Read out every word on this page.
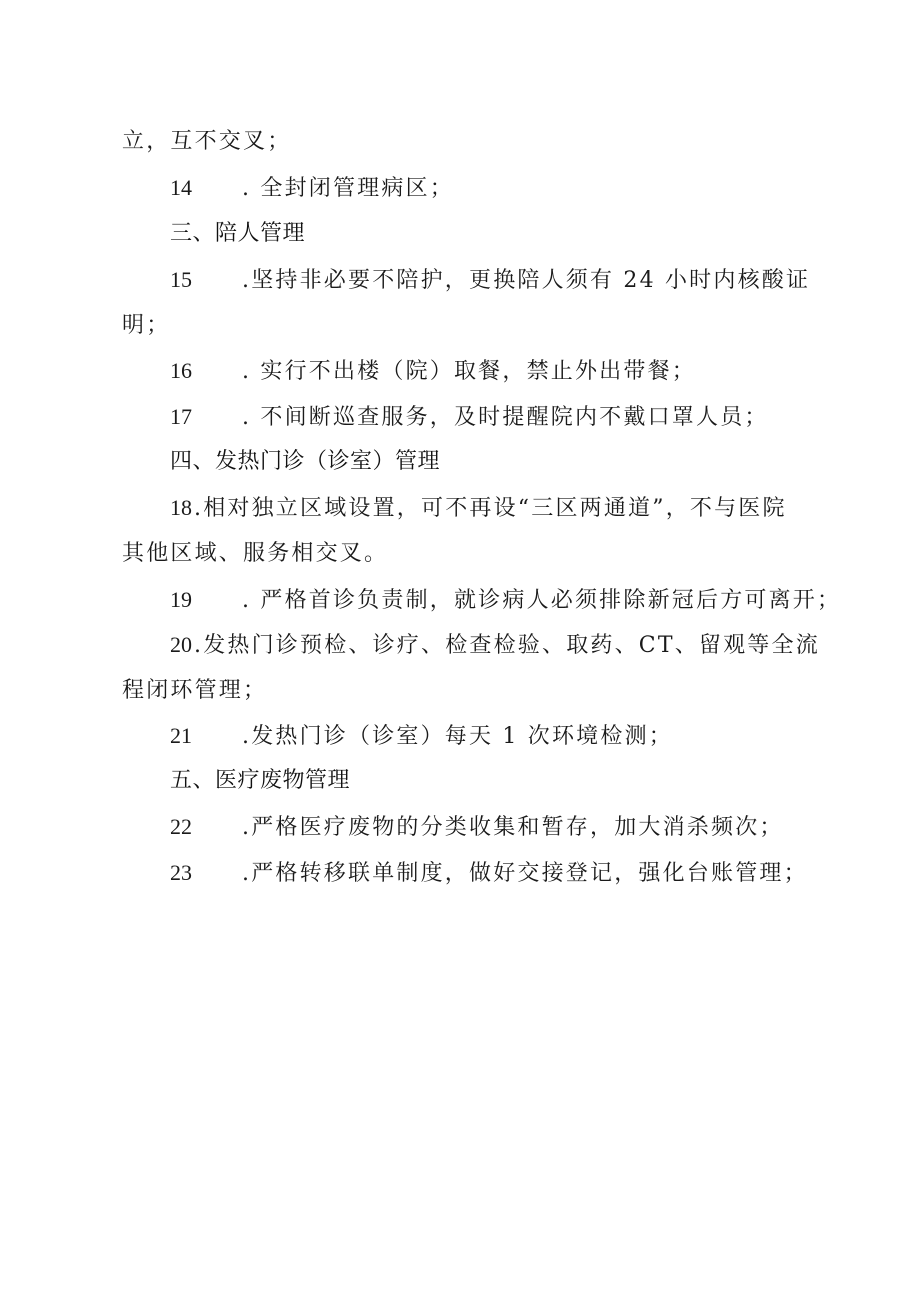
立，互不交叉；
14 . 全封闭管理病区；
三、陪人管理
15 .坚持非必要不陪护，更换陪人须有 24 小时内核酸证
明；
16 . 实行不出楼（院）取餐，禁止外出带餐；
17 . 不间断巡查服务，及时提醒院内不戴口罩人员；
四、发热门诊（诊室）管理
18.相对独立区域设置，可不再设“三区两通道”，不与医院
其他区域、服务相交叉。
19 . 严格首诊负责制，就诊病人必须排除新冠后方可离开；
20.发热门诊预检、诊疗、检查检验、取药、CT、留观等全流
程闭环管理；
21 .发热门诊（诊室）每天 1 次环境检测；
五、医疗废物管理
22 .严格医疗废物的分类收集和暂存，加大消杀频次；
23 .严格转移联单制度，做好交接登记，强化台账管理；
